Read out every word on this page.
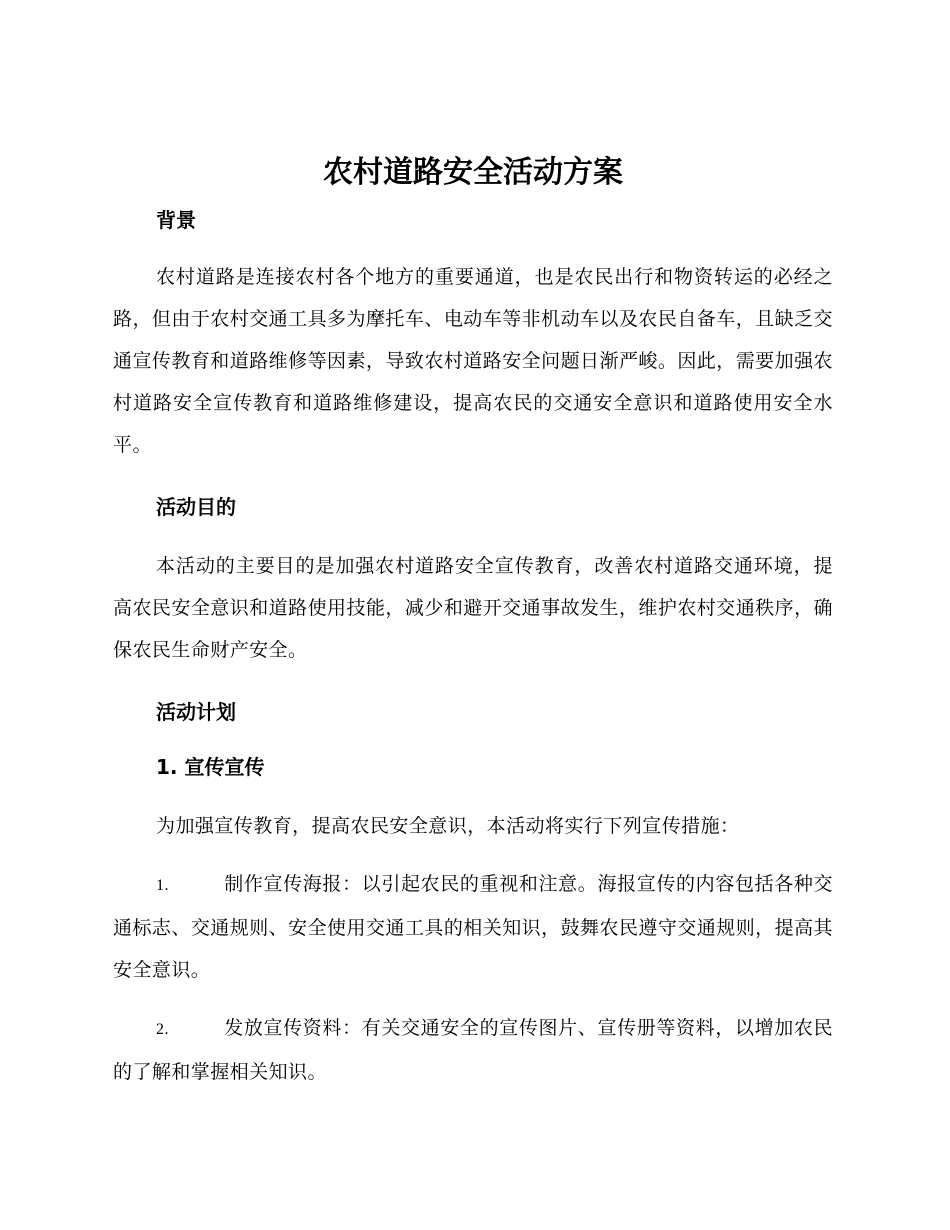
农村道路安全活动方案
背景

农村道路是连接农村各个地方的重要通道，也是农民出行和物资转运的必经之路，但由于农村交通工具多为摩托车、电动车等非机动车以及农民自备车，且缺乏交通宣传教育和道路维修等因素，导致农村道路安全问题日渐严峻。因此，需要加强农村道路安全宣传教育和道路维修建设，提高农民的交通安全意识和道路使用安全水平。

活动目的

本活动的主要目的是加强农村道路安全宣传教育，改善农村道路交通环境，提高农民安全意识和道路使用技能，减少和避开交通事故发生，维护农村交通秩序，确保农民生命财产安全。

活动计划
1. 宣传宣传

为加强宣传教育，提高农民安全意识，本活动将实行下列宣传措施：

1.	制作宣传海报：以引起农民的重视和注意。海报宣传的内容包括各种交通标志、交通规则、安全使用交通工具的相关知识，鼓舞农民遵守交通规则，提高其安全意识。

2.	发放宣传资料：有关交通安全的宣传图片、宣传册等资料，以增加农民的了解和掌握相关知识。
